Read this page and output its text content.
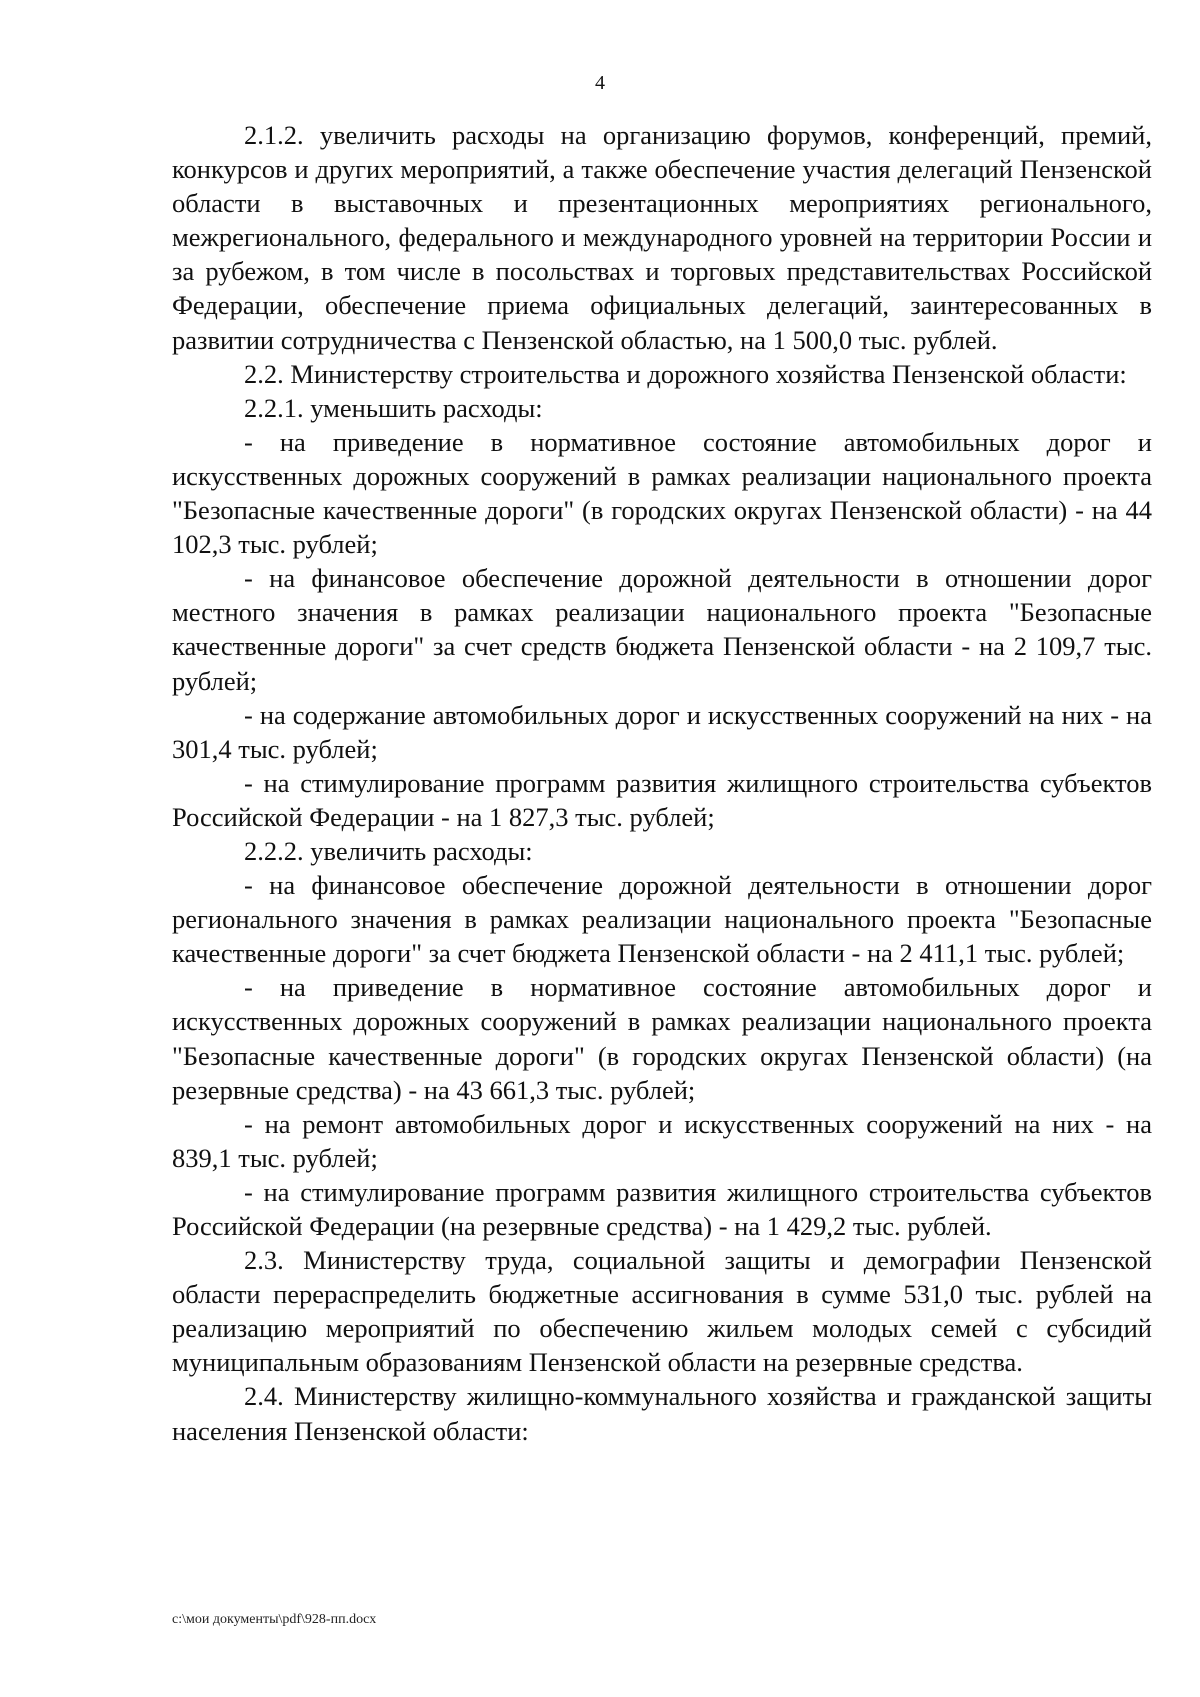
4

2.1.2. увеличить расходы на организацию форумов, конференций, премий, конкурсов и других мероприятий, а также обеспечение участия делегаций Пензенской области в выставочных и презентационных мероприятиях регионального, межрегионального, федерального и международного уровней на территории России и за рубежом, в том числе в посольствах и торговых представительствах Российской Федерации, обеспечение приема официальных делегаций, заинтересованных в развитии сотрудничества с Пензенской областью, на 1 500,0 тыс. рублей.

2.2. Министерству строительства и дорожного хозяйства Пензенской области:

2.2.1. уменьшить расходы:

- на приведение в нормативное состояние автомобильных дорог и искусственных дорожных сооружений в рамках реализации национального проекта "Безопасные качественные дороги" (в городских округах Пензенской области) - на 44 102,3 тыс. рублей;

- на финансовое обеспечение дорожной деятельности в отношении дорог местного значения в рамках реализации национального проекта "Безопасные качественные дороги" за счет средств бюджета Пензенской области - на 2 109,7 тыс. рублей;

- на содержание автомобильных дорог и искусственных сооружений на них - на 301,4 тыс. рублей;

- на стимулирование программ развития жилищного строительства субъектов Российской Федерации - на 1 827,3 тыс. рублей;

2.2.2. увеличить расходы:

- на финансовое обеспечение дорожной деятельности в отношении дорог регионального значения в рамках реализации национального проекта "Безопасные качественные дороги" за счет бюджета Пензенской области - на 2 411,1 тыс. рублей;

- на приведение в нормативное состояние автомобильных дорог и искусственных дорожных сооружений в рамках реализации национального проекта "Безопасные качественные дороги" (в городских округах Пензенской области) (на резервные средства) - на 43 661,3 тыс. рублей;

- на ремонт автомобильных дорог и искусственных сооружений на них - на 839,1 тыс. рублей;

- на стимулирование программ развития жилищного строительства субъектов Российской Федерации (на резервные средства) - на 1 429,2 тыс. рублей.

2.3. Министерству труда, социальной защиты и демографии Пензенской области перераспределить бюджетные ассигнования в сумме 531,0 тыс. рублей на реализацию мероприятий по обеспечению жильем молодых семей с субсидий муниципальным образованиям Пензенской области на резервные средства.

2.4. Министерству жилищно-коммунального хозяйства и гражданской защиты населения Пензенской области:

c:\мои документы\pdf\928-пп.docx
